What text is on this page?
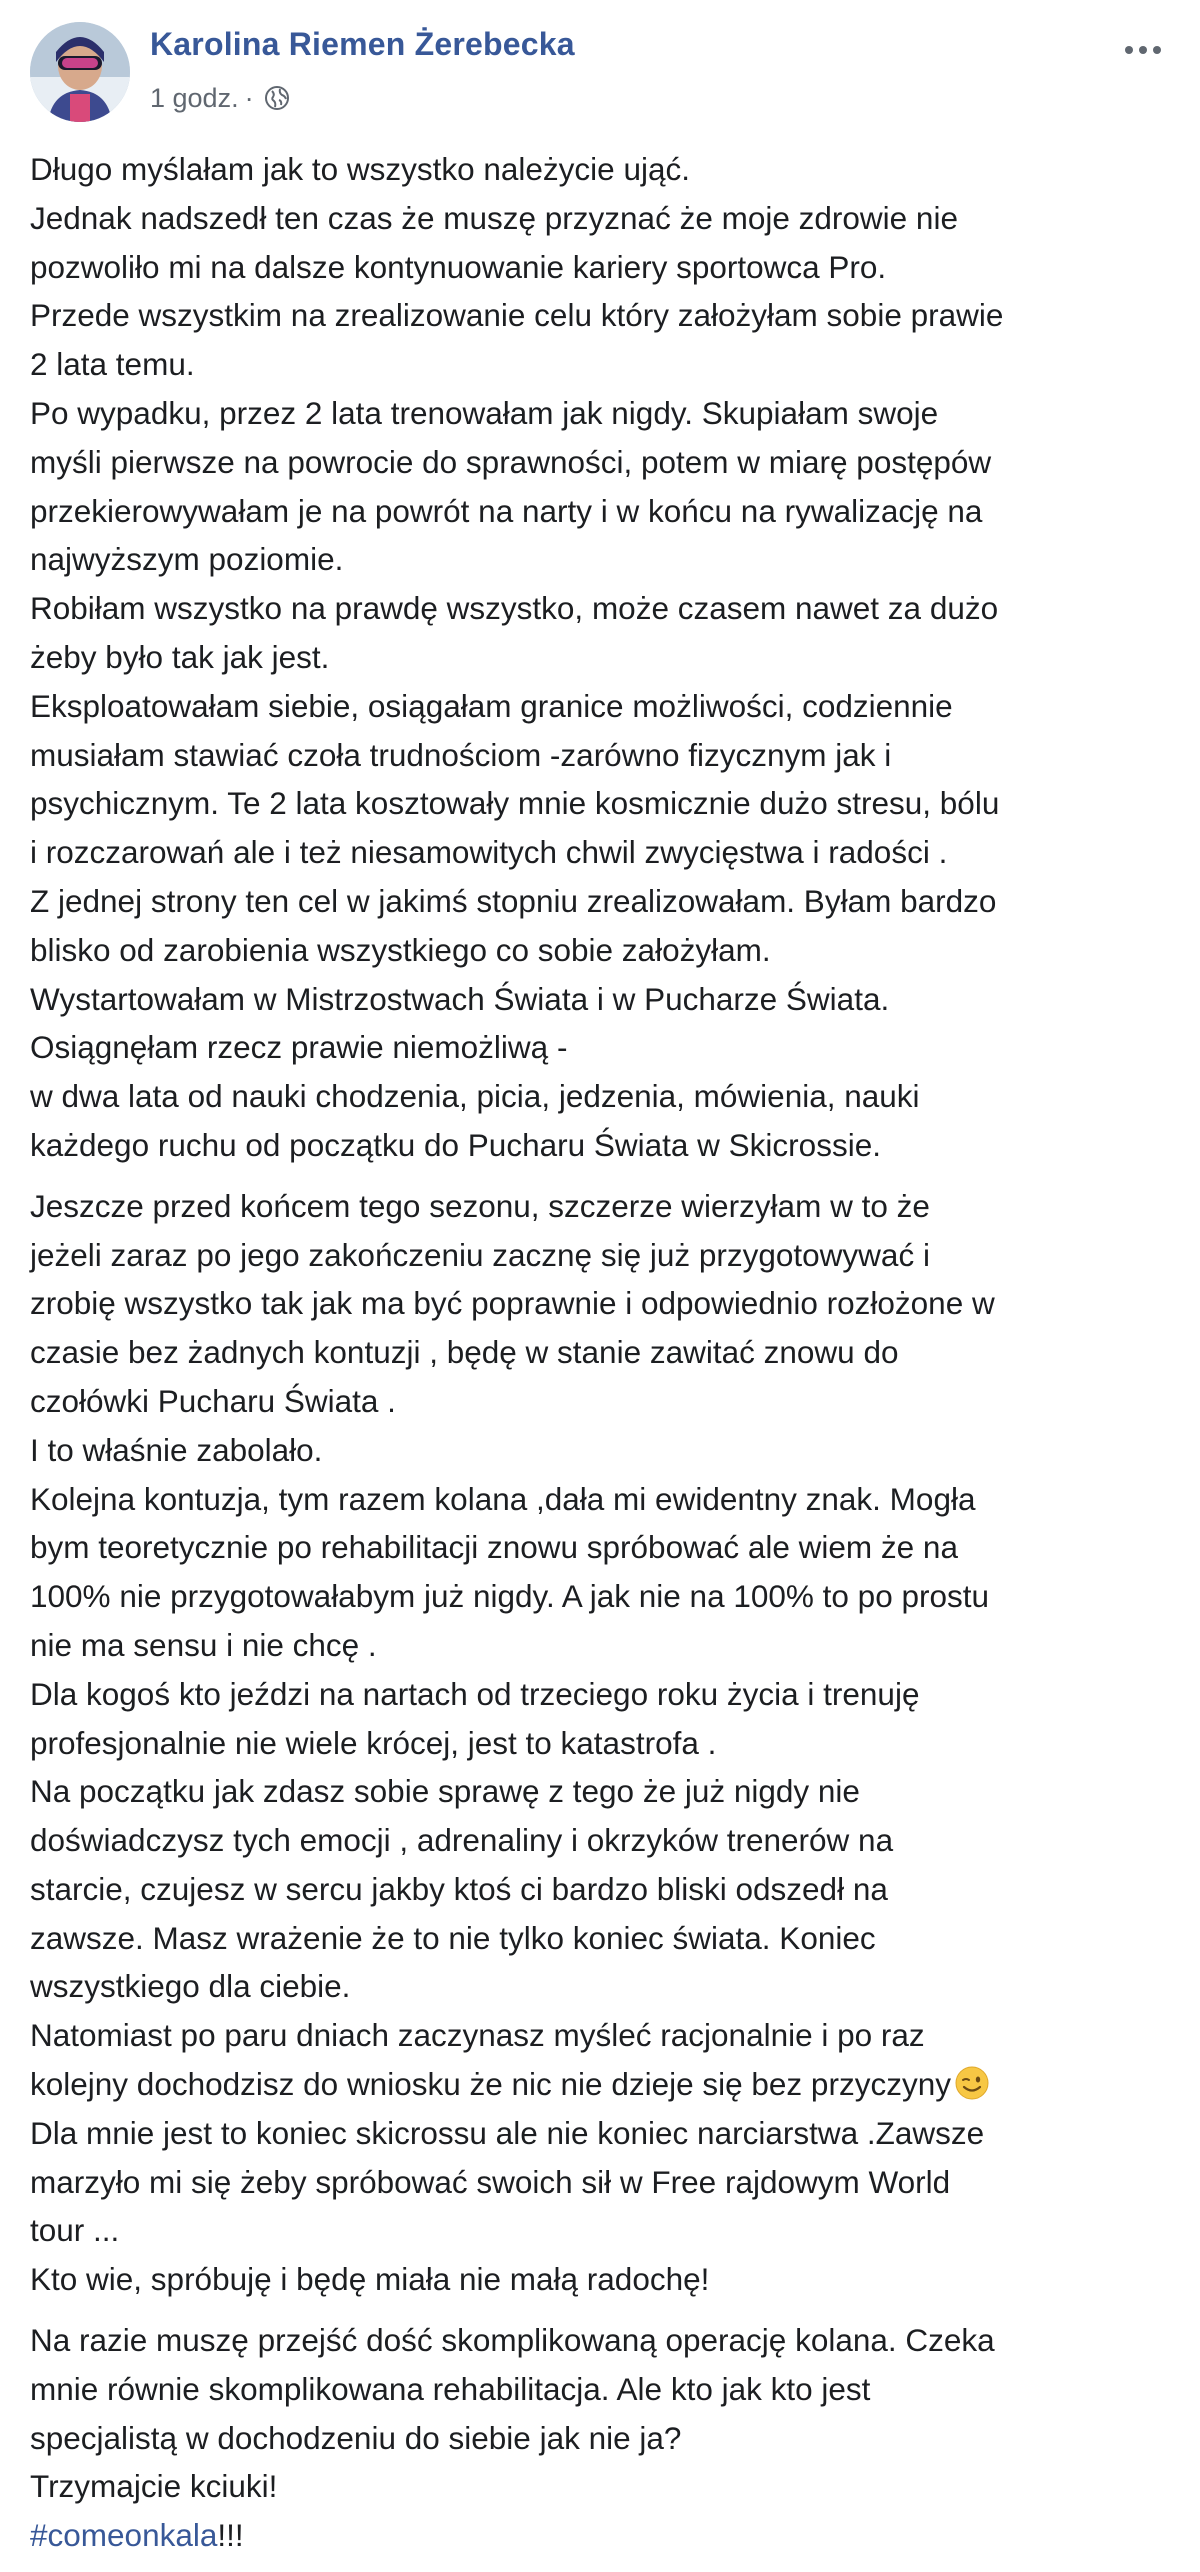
Karolina Riemen Żerebecka
1 godz. ·
Długo myślałam jak to wszystko należycie ująć.
Jednak nadszedł ten czas że muszę przyznać że moje zdrowie nie
pozwoliło mi na dalsze kontynuowanie kariery sportowca Pro.
Przede wszystkim na zrealizowanie celu który założyłam sobie prawie
2 lata temu.
Po wypadku, przez 2 lata trenowałam jak nigdy. Skupiałam swoje
myśli pierwsze na powrocie do sprawności, potem w miarę postępów
przekierowywałam je na powrót na narty i w końcu na rywalizację na
najwyższym poziomie.
Robiłam wszystko na prawdę wszystko, może czasem nawet za dużo
żeby było tak jak jest.
Eksploatowałam siebie, osiągałam granice możliwości, codziennie
musiałam stawiać czoła trudnościom -zarówno fizycznym jak i
psychicznym. Te 2 lata kosztowały mnie kosmicznie dużo stresu, bólu
i rozczarowań ale i też niesamowitych chwil zwycięstwa i radości .
Z jednej strony ten cel w jakimś stopniu zrealizowałam. Byłam bardzo
blisko od zarobienia wszystkiego co sobie założyłam.
Wystartowałam w Mistrzostwach Świata i w Pucharze Świata.
Osiągnęłam rzecz prawie niemożliwą -
w dwa lata od nauki chodzenia, picia, jedzenia, mówienia, nauki
każdego ruchu od początku do Pucharu Świata w Skicrossie.
Jeszcze przed końcem tego sezonu, szczerze wierzyłam w to że
jeżeli zaraz po jego zakończeniu zacznę się już przygotowywać i
zrobię wszystko tak jak ma być poprawnie i odpowiednio rozłożone w
czasie bez żadnych kontuzji , będę w stanie zawitać znowu do
czołówki Pucharu Świata .
I to właśnie zabolało.
Kolejna kontuzja, tym razem kolana ,dała mi ewidentny znak. Mogła
bym teoretycznie po rehabilitacji znowu spróbować ale wiem że na
100% nie przygotowałabym już nigdy. A jak nie na 100% to po prostu
nie ma sensu i nie chcę .
Dla kogoś kto jeździ na nartach od trzeciego roku życia i trenuję
profesjonalnie nie wiele krócej, jest to katastrofa .
Na początku jak zdasz sobie sprawę z tego że już nigdy nie
doświadczysz tych emocji , adrenaliny i okrzyków trenerów na
starcie, czujesz w sercu jakby ktoś ci bardzo bliski odszedł na
zawsze. Masz wrażenie że to nie tylko koniec świata. Koniec
wszystkiego dla ciebie.
Natomiast po paru dniach zaczynasz myśleć racjonalnie i po raz
kolejny dochodzisz do wniosku że nic nie dzieje się bez przyczyny
Dla mnie jest to koniec skicrossu ale nie koniec narciarstwa .Zawsze
marzyło mi się żeby spróbować swoich sił w Free rajdowym World
tour ...
Kto wie, spróbuję i będę miała nie małą radochę!
Na razie muszę przejść dość skomplikowaną operację kolana. Czeka
mnie równie skomplikowana rehabilitacja. Ale kto jak kto jest
specjalistą w dochodzeniu do siebie jak nie ja?
Trzymajcie kciuki!
#comeonkala!!!
